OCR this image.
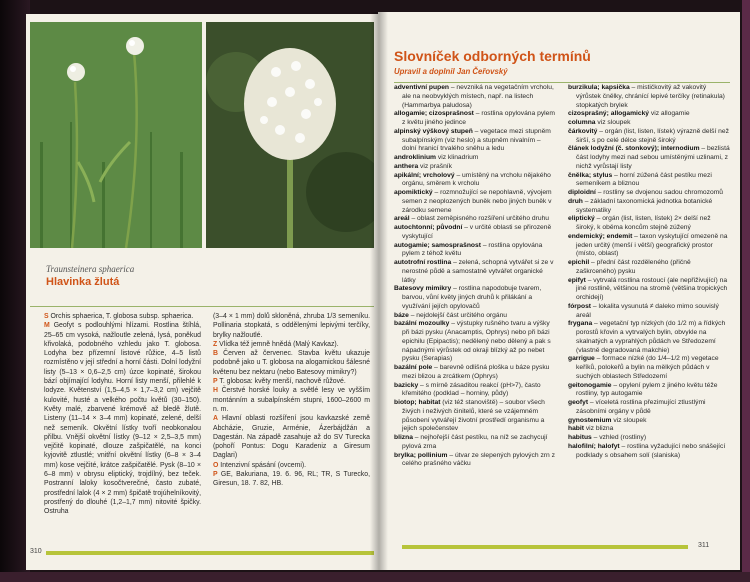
Traunsteinera sphaerica
Hlavinka žlutá

S Orchis sphaerica, T. globosa subsp. sphaerica.

M Geofyt s podlouhlými hlízami. Rostlina štíhlá, 25–65 cm vysoká, nažloutle zelená, lysá, poněkud křivolaká, podobného vzhledu jako T. globosa. Lodyha bez přízemní listové růžice, 4–5 listů rozmístěno v její střední a horní části. Dolní lodyžní listy (5–13 × 0,6–2,5 cm) úzce kopinaté, širokou bází objímající lodyhu. Horní listy menší, přilehlé k lodyze. Květenství (1,5–4,5 × 1,7–3,2 cm) vejčitě kulovité, husté a velkého počtu květů (30–150). Květy malé, zbarvené krémově až bledě žlutě. Listeny (11–14 × 3–4 mm) kopinaté, zelené, delší než semeník. Okvětní lístky tvoří neobkonalou přilbu. Vnější okvětní lístky (9–12 × 2,5–3,5 mm) vejčitě kopinaté, dlouze zašpičatělé, na konci kyjovitě ztlustlé; vnitřní okvětní lístky (6–8 × 3–4 mm) kose vejčité, krátce zašpičatělé. Pysk (8–10 × 6–8 mm) v obrysu eliptický, trojdílný, bez teček. Postranní laloky kosočtverečné, často zubaté, prostřední lalok (4 × 2 mm) špičatě trojúhelníkovitý, prostřený do dlouhé (1,2–1,7 mm) nitovité špičky. Ostruha

(3–4 × 1 mm) dolů skloněná, zhruba 1/3 semeníku. Pollinaria stopkatá, s oddělenými lepivými terčíky, brylky nažloutlé.

Z Vlídka též jemně hnědá (Malý Kavkaz).

B Červen až červenec. Stavba květu ukazuje podobně jako u T. globosa na alogamickou šálesné květenu bez nektaru (nebo Batesovy mimikry?)

P T. globosa: květy menší, nachově růžové.

H Čerstvé horské louky a světlé lesy ve vyšším montánním a subalpínském stupni, 1600–2600 m n. m.

A Hlavní oblasti rozšíření jsou kavkazské země Abcházie, Gruzie, Arménie, Ázerbájdžán a Dagestán. Na západě zasahuje až do SV Turecka (pohoří Pontus: Dogu Karadeniz a Giresum Daglari)

O Intenzivní spásání (ovcemi).

P GE, Bakuriana, 19. 6. 96, RL; TR, S Turecko, Giresun, 18. 7. 82, HB.

310
Slovníček odborných termínů
Upravil a doplnil Jan Čeřovský

adventivní pupen – nevzniká na vegetačním vrcholu, ale na neobvyklých místech, např. na listech (Hammarbya paludosa)

allogamie; cizosprašnost – rostlina opylována pylem z květu jiného jedince

alpinský výškový stupeň – vegetace mezi stupněm subalpínským (viz heslo) a stupněm nivalním – dolní hranicí trvalého sněhu a ledu

androklinium viz klinadrium

anthera viz prašník

apikální; vrcholový – umístěný na vrcholu nějakého orgánu, směrem k vrcholu

apomiktický – rozmnožující se nepohlavně, vývojem semen z neoplozených buněk nebo jiných buněk v zárodku semene

areál – oblast zeměpisného rozšíření určitého druhu

autochtonní; původní – v určité oblasti se přirozeně vyskytující

autogamie; samosprašnost – rostlina opylována pylem z téhož květu

autotrofní rostlina – zelená, schopná vytvářet si ze v nerostné půdě a samostatně vytvářet organické látky

Batesovy mimikry – rostlina napodobuje tvarem, barvou, vůní květy jiných druhů k přilákání a využívání jejích opylovačů

báze – nejdolejší část určitého orgánu

bazální mozoulky – výstupky rušného tvaru a výšky při bázi pysku (Anacamptis, Ophrys) nebo při bázi epichilu (Epipactis); nedělený nebo dělený a pak s nápadnými výrůstek od okraji blízký až po nebet pysku (Serapias)

bazální pole – barevně odlišná ploška u báze pysku mezi blizou a zrcátkem (Ophrys)

bazicky – s mírně zásaditou reakcí (pH>7), často křemitého (podklad – horniny, půdy)

biotop; habitat (viz též stanoviště) – soubor všech živých i neživých činitelů, které se vzájemném působení vytvářejí životní prostředí organismu a jejich společenstev

blizna – nejhořejší část pestíku, na níž se zachycují pylová zrna

brylka; pollinium – útvar ze slepených pylových zrn z celého prašného váčku

burzikula; kapsička – mističkovitý až vakovitý výrůstek čnělky, chránící lepivé terčíky (retinakula) stopkatých brylek

cizosprašný; allogamický viz allogamie

columna viz sloupek

čárkovitý – orgán (list, listen, lístek) výrazně delší než širší, s po celé délce stejně široký

článek lodyžní (č. stonkový); internodium – bezlistá část lodyhy mezi nad sebou umístěnými uzlinami, z nichž vyrůstají listy

čnělka; stylus – horní zúžená část pestíku mezi semeníkem a bliznou

diploidní – rostliny se dvojenou sadou chromozomů

druh – základní taxonomická jednotka botanické systematiky

eliptický – orgán (list, listen, lístek) 2× delší než široký, k oběma koncům stejně zúžený

endemický; endemit – taxon vyskytující omezeně na jeden určitý (menší i větší) geografický prostor (místo, oblast)

epichil – přední část rozděleného (přičně zaškrceného) pysku

epifyt – vytrvalá rostlina rostoucí (ale nepřiživující) na jiné rostlině, většinou na stromě (většina tropických orchidejí)

fórpost – lokalita vysunutá ≠ daleko mimo souvislý areál

frygana – vegetační typ nízkých (do 1/2 m) a řídkých porostů křovin a vytrvalých bylin, obvykle na skalnatých a vyprahlých půdách ve Středozemí (vlastně degradovaná makchie)

garrigue – formace nízké (do 1/4–1/2 m) vegetace keříků, polokeřů a bylin na mělkých půdách v suchých oblastech Středozemí

geitonogamie – opylení pylem z jiného květu téže rostliny, typ autogamie

geofyt – víceletá rostlina přezimující ztlustlými zásobními orgány v půdě

gynostemium viz sloupek

habit viz blizna

habitus – vzhled (rostliny)

halofilní; halofyt – rostlina vyžadující nebo snášející podklady s obsahem solí (slaniska)

311
